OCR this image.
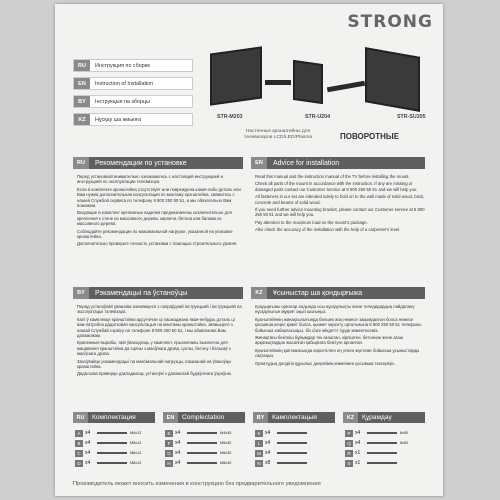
STRONG
RU	Инструкция по сборке
EN	Instruction of Installation
BY	Інструкцыя па зборцы
KZ	Нұсқау ша жиынға	STR-M203	STR-U204	STR-SU205
Настенные кронштейны для телевизоров LCD/LED/Plasma	ПОВОРОТНЫЕ
RU	Рекомендации по установке

Перед установкой внимательно ознакомьтесь с настоящей инструкцией и инструкцией по эксплуатации телевизора.

Если в комплекте кронштейна отсутствует или повреждена какая-либо деталь или Вам нужна дополнительная консультация по монтажу кронштейна, свяжитесь с нашей Службой сервиса по телефону 8 800 250 50 51, и мы обязательно Вам поможем.

Входящие в комплект крепежные изделия предназначены исключительно для крепления к стене из массивного дерева, кирпича, бетона или балкам из массивного дерева.

Соблюдайте рекомендации по максимальной нагрузке, указанной на упаковке кронштейна.

Дополнительно проверьте точность установки с помощью строительного уровня.

EN	Advice for installation

Read this manual and the instruction manual of the TV before installing the mount.

Check all parts of the mount in accordance with the instruction. If any are missing or damaged parts contact our Customer Service at 8 800 250 50 51 and we will help you.

All fasteners in our set are intended solely to hold on to the wall made of solid wood, brick, concrete and beams of solid wood.

If you need further advice mounting bracket, please contact our Customer service at 8 800 250 50 51 and we will help you.

Pay attention to the maximum load on the mount's package.

Also check the accuracy of the installation with the help of a carpenter's level.

BY	Рэкамендацыі па ўстаноўцы

Перад устаноўкай уважліва азнаёмцеся з сапраўднай інструкцыяй і інструкцыяй па эксплуатацыі тэлевізара.

Калі ў камплекце кранштэйна адсутнічае ці пашкоджана якая-небудзь дэталь ці вам патрэбна дадатковая кансультацыя па мантажы кранштэйна, звяжыцеся з нашай Службай сэрвісу па тэлефоне 8 800 250 50 51, і мы абавязкова Вам дапаможам.

Крапежныя вырабы, якія ўваходзяць у камплект, прызначаны выключна для мацавання кранштэйна да сцяны з масіўнага дрэва, цэглы, бетону і бэлькаў з масіўнага дрэва.

Захоўвайце рэкамендацыі па максімальнай нагрузцы, паказанай на ўпакоўцы кранштэйна.

Дадаткова праверце дакладнасць устаноўкі з дапамогай будаўнічага ўзроўню.

KZ	Ұсыныстар ша қондырғыжа

Қондырғыны орнатар алдында осы нұсқаулықты және теледидардың пайдалану нұсқаулығын мұқият оқып шығыңыз.

Кронштейннің жинақтылығында бөлшек жоқ немесе зақымдалған болса немесе қосымша кеңес қажет болса, қызмет көрсету орталығына 8 800 250 50 51 телефоны бойынша хабарласыңыз, біз сізге міндетті түрде көмектесеміз.

Жинақтағы бекіткіш бұйымдар тек ағаштан, кірпіштен, бетоннан және ағаш арқалықтардан жасалған қабырғаға бекітуге арналған.

Кронштейннің қаптамасында көрсетілген ең үлкен жүктеме бойынша ұсыныстарды сақтаңыз.

Орнатудың дәлдігін құрылыс деңгейінің көмегімен қосымша тексеріңіз.

RU	Комплектация
A x4	M4x12
B x4	M5x12
C x4	M6x12
D x4	M8x12
EN	Complectation
E x4	M4x30
F x4	M5x30
G x4	M6x30
H x4	M8x30
BY	Камплектацыя
K x4
L x4
M x4
N x8
KZ	Құрамдау
P x4	8x50
Q x4	8x50
R x1
S x1
Производитель может вносить изменения в конструкцию без предварительного уведомления
